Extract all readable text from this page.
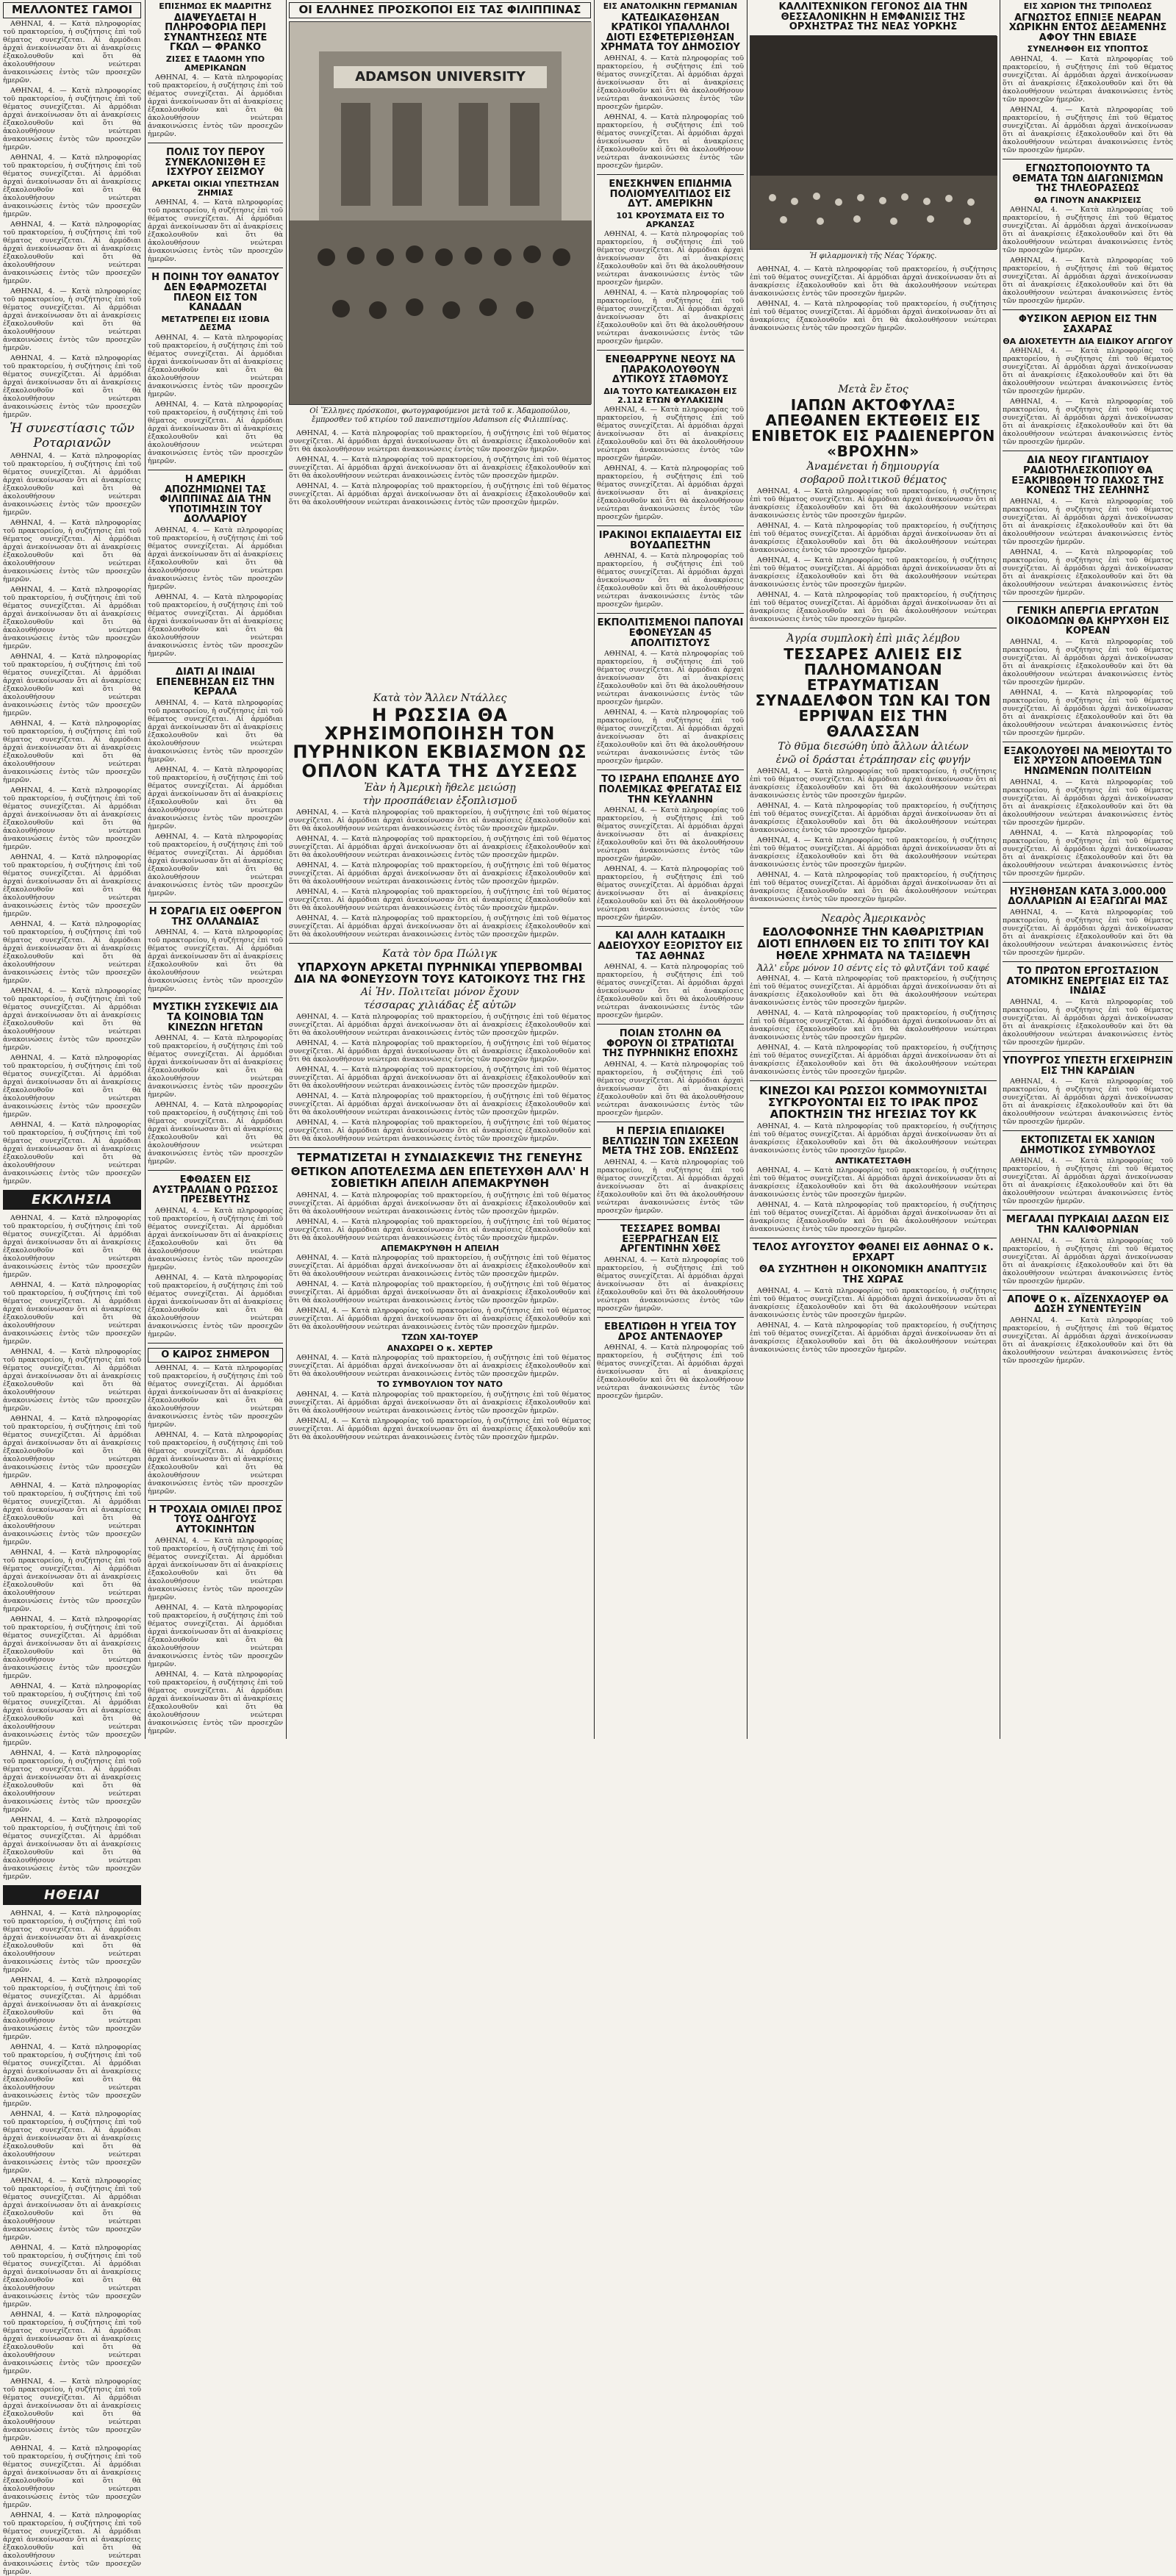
ΜΕΛΛΟΝΤΕΣ ΓΑΜΟΙ

ΑΘΗΝΑΙ, 4. — Κατὰ πληροφορίας τοῦ πρακτορείου, ἡ συζήτησις ἐπὶ τοῦ θέματος συνεχίζεται. Αἱ ἁρμόδιαι ἀρχαὶ ἀνεκοίνωσαν ὅτι αἱ ἀνακρίσεις ἐξακολουθοῦν καὶ ὅτι θὰ ἀκολουθήσουν νεώτεραι ἀνακοινώσεις ἐντὸς τῶν προσεχῶν ἡμερῶν.

ΑΘΗΝΑΙ, 4. — Κατὰ πληροφορίας τοῦ πρακτορείου, ἡ συζήτησις ἐπὶ τοῦ θέματος συνεχίζεται. Αἱ ἁρμόδιαι ἀρχαὶ ἀνεκοίνωσαν ὅτι αἱ ἀνακρίσεις ἐξακολουθοῦν καὶ ὅτι θὰ ἀκολουθήσουν νεώτεραι ἀνακοινώσεις ἐντὸς τῶν προσεχῶν ἡμερῶν.

ΑΘΗΝΑΙ, 4. — Κατὰ πληροφορίας τοῦ πρακτορείου, ἡ συζήτησις ἐπὶ τοῦ θέματος συνεχίζεται. Αἱ ἁρμόδιαι ἀρχαὶ ἀνεκοίνωσαν ὅτι αἱ ἀνακρίσεις ἐξακολουθοῦν καὶ ὅτι θὰ ἀκολουθήσουν νεώτεραι ἀνακοινώσεις ἐντὸς τῶν προσεχῶν ἡμερῶν.

ΑΘΗΝΑΙ, 4. — Κατὰ πληροφορίας τοῦ πρακτορείου, ἡ συζήτησις ἐπὶ τοῦ θέματος συνεχίζεται. Αἱ ἁρμόδιαι ἀρχαὶ ἀνεκοίνωσαν ὅτι αἱ ἀνακρίσεις ἐξακολουθοῦν καὶ ὅτι θὰ ἀκολουθήσουν νεώτεραι ἀνακοινώσεις ἐντὸς τῶν προσεχῶν ἡμερῶν.

ΑΘΗΝΑΙ, 4. — Κατὰ πληροφορίας τοῦ πρακτορείου, ἡ συζήτησις ἐπὶ τοῦ θέματος συνεχίζεται. Αἱ ἁρμόδιαι ἀρχαὶ ἀνεκοίνωσαν ὅτι αἱ ἀνακρίσεις ἐξακολουθοῦν καὶ ὅτι θὰ ἀκολουθήσουν νεώτεραι ἀνακοινώσεις ἐντὸς τῶν προσεχῶν ἡμερῶν.

ΑΘΗΝΑΙ, 4. — Κατὰ πληροφορίας τοῦ πρακτορείου, ἡ συζήτησις ἐπὶ τοῦ θέματος συνεχίζεται. Αἱ ἁρμόδιαι ἀρχαὶ ἀνεκοίνωσαν ὅτι αἱ ἀνακρίσεις ἐξακολουθοῦν καὶ ὅτι θὰ ἀκολουθήσουν νεώτεραι ἀνακοινώσεις ἐντὸς τῶν προσεχῶν ἡμερῶν.

Ἡ συνεστίασις τῶν Ροταριανῶν

ΑΘΗΝΑΙ, 4. — Κατὰ πληροφορίας τοῦ πρακτορείου, ἡ συζήτησις ἐπὶ τοῦ θέματος συνεχίζεται. Αἱ ἁρμόδιαι ἀρχαὶ ἀνεκοίνωσαν ὅτι αἱ ἀνακρίσεις ἐξακολουθοῦν καὶ ὅτι θὰ ἀκολουθήσουν νεώτεραι ἀνακοινώσεις ἐντὸς τῶν προσεχῶν ἡμερῶν.

ΑΘΗΝΑΙ, 4. — Κατὰ πληροφορίας τοῦ πρακτορείου, ἡ συζήτησις ἐπὶ τοῦ θέματος συνεχίζεται. Αἱ ἁρμόδιαι ἀρχαὶ ἀνεκοίνωσαν ὅτι αἱ ἀνακρίσεις ἐξακολουθοῦν καὶ ὅτι θὰ ἀκολουθήσουν νεώτεραι ἀνακοινώσεις ἐντὸς τῶν προσεχῶν ἡμερῶν.

ΑΘΗΝΑΙ, 4. — Κατὰ πληροφορίας τοῦ πρακτορείου, ἡ συζήτησις ἐπὶ τοῦ θέματος συνεχίζεται. Αἱ ἁρμόδιαι ἀρχαὶ ἀνεκοίνωσαν ὅτι αἱ ἀνακρίσεις ἐξακολουθοῦν καὶ ὅτι θὰ ἀκολουθήσουν νεώτεραι ἀνακοινώσεις ἐντὸς τῶν προσεχῶν ἡμερῶν.

ΑΘΗΝΑΙ, 4. — Κατὰ πληροφορίας τοῦ πρακτορείου, ἡ συζήτησις ἐπὶ τοῦ θέματος συνεχίζεται. Αἱ ἁρμόδιαι ἀρχαὶ ἀνεκοίνωσαν ὅτι αἱ ἀνακρίσεις ἐξακολουθοῦν καὶ ὅτι θὰ ἀκολουθήσουν νεώτεραι ἀνακοινώσεις ἐντὸς τῶν προσεχῶν ἡμερῶν.

ΑΘΗΝΑΙ, 4. — Κατὰ πληροφορίας τοῦ πρακτορείου, ἡ συζήτησις ἐπὶ τοῦ θέματος συνεχίζεται. Αἱ ἁρμόδιαι ἀρχαὶ ἀνεκοίνωσαν ὅτι αἱ ἀνακρίσεις ἐξακολουθοῦν καὶ ὅτι θὰ ἀκολουθήσουν νεώτεραι ἀνακοινώσεις ἐντὸς τῶν προσεχῶν ἡμερῶν.

ΑΘΗΝΑΙ, 4. — Κατὰ πληροφορίας τοῦ πρακτορείου, ἡ συζήτησις ἐπὶ τοῦ θέματος συνεχίζεται. Αἱ ἁρμόδιαι ἀρχαὶ ἀνεκοίνωσαν ὅτι αἱ ἀνακρίσεις ἐξακολουθοῦν καὶ ὅτι θὰ ἀκολουθήσουν νεώτεραι ἀνακοινώσεις ἐντὸς τῶν προσεχῶν ἡμερῶν.

ΑΘΗΝΑΙ, 4. — Κατὰ πληροφορίας τοῦ πρακτορείου, ἡ συζήτησις ἐπὶ τοῦ θέματος συνεχίζεται. Αἱ ἁρμόδιαι ἀρχαὶ ἀνεκοίνωσαν ὅτι αἱ ἀνακρίσεις ἐξακολουθοῦν καὶ ὅτι θὰ ἀκολουθήσουν νεώτεραι ἀνακοινώσεις ἐντὸς τῶν προσεχῶν ἡμερῶν.

ΑΘΗΝΑΙ, 4. — Κατὰ πληροφορίας τοῦ πρακτορείου, ἡ συζήτησις ἐπὶ τοῦ θέματος συνεχίζεται. Αἱ ἁρμόδιαι ἀρχαὶ ἀνεκοίνωσαν ὅτι αἱ ἀνακρίσεις ἐξακολουθοῦν καὶ ὅτι θὰ ἀκολουθήσουν νεώτεραι ἀνακοινώσεις ἐντὸς τῶν προσεχῶν ἡμερῶν.

ΑΘΗΝΑΙ, 4. — Κατὰ πληροφορίας τοῦ πρακτορείου, ἡ συζήτησις ἐπὶ τοῦ θέματος συνεχίζεται. Αἱ ἁρμόδιαι ἀρχαὶ ἀνεκοίνωσαν ὅτι αἱ ἀνακρίσεις ἐξακολουθοῦν καὶ ὅτι θὰ ἀκολουθήσουν νεώτεραι ἀνακοινώσεις ἐντὸς τῶν προσεχῶν ἡμερῶν.

ΑΘΗΝΑΙ, 4. — Κατὰ πληροφορίας τοῦ πρακτορείου, ἡ συζήτησις ἐπὶ τοῦ θέματος συνεχίζεται. Αἱ ἁρμόδιαι ἀρχαὶ ἀνεκοίνωσαν ὅτι αἱ ἀνακρίσεις ἐξακολουθοῦν καὶ ὅτι θὰ ἀκολουθήσουν νεώτεραι ἀνακοινώσεις ἐντὸς τῶν προσεχῶν ἡμερῶν.

ΑΘΗΝΑΙ, 4. — Κατὰ πληροφορίας τοῦ πρακτορείου, ἡ συζήτησις ἐπὶ τοῦ θέματος συνεχίζεται. Αἱ ἁρμόδιαι ἀρχαὶ ἀνεκοίνωσαν ὅτι αἱ ἀνακρίσεις ἐξακολουθοῦν καὶ ὅτι θὰ ἀκολουθήσουν νεώτεραι ἀνακοινώσεις ἐντὸς τῶν προσεχῶν ἡμερῶν.

ΕΚΚΛΗΣΙΑ

ΑΘΗΝΑΙ, 4. — Κατὰ πληροφορίας τοῦ πρακτορείου, ἡ συζήτησις ἐπὶ τοῦ θέματος συνεχίζεται. Αἱ ἁρμόδιαι ἀρχαὶ ἀνεκοίνωσαν ὅτι αἱ ἀνακρίσεις ἐξακολουθοῦν καὶ ὅτι θὰ ἀκολουθήσουν νεώτεραι ἀνακοινώσεις ἐντὸς τῶν προσεχῶν ἡμερῶν.

ΑΘΗΝΑΙ, 4. — Κατὰ πληροφορίας τοῦ πρακτορείου, ἡ συζήτησις ἐπὶ τοῦ θέματος συνεχίζεται. Αἱ ἁρμόδιαι ἀρχαὶ ἀνεκοίνωσαν ὅτι αἱ ἀνακρίσεις ἐξακολουθοῦν καὶ ὅτι θὰ ἀκολουθήσουν νεώτεραι ἀνακοινώσεις ἐντὸς τῶν προσεχῶν ἡμερῶν.

ΑΘΗΝΑΙ, 4. — Κατὰ πληροφορίας τοῦ πρακτορείου, ἡ συζήτησις ἐπὶ τοῦ θέματος συνεχίζεται. Αἱ ἁρμόδιαι ἀρχαὶ ἀνεκοίνωσαν ὅτι αἱ ἀνακρίσεις ἐξακολουθοῦν καὶ ὅτι θὰ ἀκολουθήσουν νεώτεραι ἀνακοινώσεις ἐντὸς τῶν προσεχῶν ἡμερῶν.

ΑΘΗΝΑΙ, 4. — Κατὰ πληροφορίας τοῦ πρακτορείου, ἡ συζήτησις ἐπὶ τοῦ θέματος συνεχίζεται. Αἱ ἁρμόδιαι ἀρχαὶ ἀνεκοίνωσαν ὅτι αἱ ἀνακρίσεις ἐξακολουθοῦν καὶ ὅτι θὰ ἀκολουθήσουν νεώτεραι ἀνακοινώσεις ἐντὸς τῶν προσεχῶν ἡμερῶν.

ΑΘΗΝΑΙ, 4. — Κατὰ πληροφορίας τοῦ πρακτορείου, ἡ συζήτησις ἐπὶ τοῦ θέματος συνεχίζεται. Αἱ ἁρμόδιαι ἀρχαὶ ἀνεκοίνωσαν ὅτι αἱ ἀνακρίσεις ἐξακολουθοῦν καὶ ὅτι θὰ ἀκολουθήσουν νεώτεραι ἀνακοινώσεις ἐντὸς τῶν προσεχῶν ἡμερῶν.

ΑΘΗΝΑΙ, 4. — Κατὰ πληροφορίας τοῦ πρακτορείου, ἡ συζήτησις ἐπὶ τοῦ θέματος συνεχίζεται. Αἱ ἁρμόδιαι ἀρχαὶ ἀνεκοίνωσαν ὅτι αἱ ἀνακρίσεις ἐξακολουθοῦν καὶ ὅτι θὰ ἀκολουθήσουν νεώτεραι ἀνακοινώσεις ἐντὸς τῶν προσεχῶν ἡμερῶν.

ΑΘΗΝΑΙ, 4. — Κατὰ πληροφορίας τοῦ πρακτορείου, ἡ συζήτησις ἐπὶ τοῦ θέματος συνεχίζεται. Αἱ ἁρμόδιαι ἀρχαὶ ἀνεκοίνωσαν ὅτι αἱ ἀνακρίσεις ἐξακολουθοῦν καὶ ὅτι θὰ ἀκολουθήσουν νεώτεραι ἀνακοινώσεις ἐντὸς τῶν προσεχῶν ἡμερῶν.

ΑΘΗΝΑΙ, 4. — Κατὰ πληροφορίας τοῦ πρακτορείου, ἡ συζήτησις ἐπὶ τοῦ θέματος συνεχίζεται. Αἱ ἁρμόδιαι ἀρχαὶ ἀνεκοίνωσαν ὅτι αἱ ἀνακρίσεις ἐξακολουθοῦν καὶ ὅτι θὰ ἀκολουθήσουν νεώτεραι ἀνακοινώσεις ἐντὸς τῶν προσεχῶν ἡμερῶν.

ΑΘΗΝΑΙ, 4. — Κατὰ πληροφορίας τοῦ πρακτορείου, ἡ συζήτησις ἐπὶ τοῦ θέματος συνεχίζεται. Αἱ ἁρμόδιαι ἀρχαὶ ἀνεκοίνωσαν ὅτι αἱ ἀνακρίσεις ἐξακολουθοῦν καὶ ὅτι θὰ ἀκολουθήσουν νεώτεραι ἀνακοινώσεις ἐντὸς τῶν προσεχῶν ἡμερῶν.

ΑΘΗΝΑΙ, 4. — Κατὰ πληροφορίας τοῦ πρακτορείου, ἡ συζήτησις ἐπὶ τοῦ θέματος συνεχίζεται. Αἱ ἁρμόδιαι ἀρχαὶ ἀνεκοίνωσαν ὅτι αἱ ἀνακρίσεις ἐξακολουθοῦν καὶ ὅτι θὰ ἀκολουθήσουν νεώτεραι ἀνακοινώσεις ἐντὸς τῶν προσεχῶν ἡμερῶν.

ΗΘΕΙΑΙ

ΑΘΗΝΑΙ, 4. — Κατὰ πληροφορίας τοῦ πρακτορείου, ἡ συζήτησις ἐπὶ τοῦ θέματος συνεχίζεται. Αἱ ἁρμόδιαι ἀρχαὶ ἀνεκοίνωσαν ὅτι αἱ ἀνακρίσεις ἐξακολουθοῦν καὶ ὅτι θὰ ἀκολουθήσουν νεώτεραι ἀνακοινώσεις ἐντὸς τῶν προσεχῶν ἡμερῶν.

ΑΘΗΝΑΙ, 4. — Κατὰ πληροφορίας τοῦ πρακτορείου, ἡ συζήτησις ἐπὶ τοῦ θέματος συνεχίζεται. Αἱ ἁρμόδιαι ἀρχαὶ ἀνεκοίνωσαν ὅτι αἱ ἀνακρίσεις ἐξακολουθοῦν καὶ ὅτι θὰ ἀκολουθήσουν νεώτεραι ἀνακοινώσεις ἐντὸς τῶν προσεχῶν ἡμερῶν.

ΑΘΗΝΑΙ, 4. — Κατὰ πληροφορίας τοῦ πρακτορείου, ἡ συζήτησις ἐπὶ τοῦ θέματος συνεχίζεται. Αἱ ἁρμόδιαι ἀρχαὶ ἀνεκοίνωσαν ὅτι αἱ ἀνακρίσεις ἐξακολουθοῦν καὶ ὅτι θὰ ἀκολουθήσουν νεώτεραι ἀνακοινώσεις ἐντὸς τῶν προσεχῶν ἡμερῶν.

ΑΘΗΝΑΙ, 4. — Κατὰ πληροφορίας τοῦ πρακτορείου, ἡ συζήτησις ἐπὶ τοῦ θέματος συνεχίζεται. Αἱ ἁρμόδιαι ἀρχαὶ ἀνεκοίνωσαν ὅτι αἱ ἀνακρίσεις ἐξακολουθοῦν καὶ ὅτι θὰ ἀκολουθήσουν νεώτεραι ἀνακοινώσεις ἐντὸς τῶν προσεχῶν ἡμερῶν.

ΑΘΗΝΑΙ, 4. — Κατὰ πληροφορίας τοῦ πρακτορείου, ἡ συζήτησις ἐπὶ τοῦ θέματος συνεχίζεται. Αἱ ἁρμόδιαι ἀρχαὶ ἀνεκοίνωσαν ὅτι αἱ ἀνακρίσεις ἐξακολουθοῦν καὶ ὅτι θὰ ἀκολουθήσουν νεώτεραι ἀνακοινώσεις ἐντὸς τῶν προσεχῶν ἡμερῶν.

ΑΘΗΝΑΙ, 4. — Κατὰ πληροφορίας τοῦ πρακτορείου, ἡ συζήτησις ἐπὶ τοῦ θέματος συνεχίζεται. Αἱ ἁρμόδιαι ἀρχαὶ ἀνεκοίνωσαν ὅτι αἱ ἀνακρίσεις ἐξακολουθοῦν καὶ ὅτι θὰ ἀκολουθήσουν νεώτεραι ἀνακοινώσεις ἐντὸς τῶν προσεχῶν ἡμερῶν.

ΑΘΗΝΑΙ, 4. — Κατὰ πληροφορίας τοῦ πρακτορείου, ἡ συζήτησις ἐπὶ τοῦ θέματος συνεχίζεται. Αἱ ἁρμόδιαι ἀρχαὶ ἀνεκοίνωσαν ὅτι αἱ ἀνακρίσεις ἐξακολουθοῦν καὶ ὅτι θὰ ἀκολουθήσουν νεώτεραι ἀνακοινώσεις ἐντὸς τῶν προσεχῶν ἡμερῶν.

ΑΘΗΝΑΙ, 4. — Κατὰ πληροφορίας τοῦ πρακτορείου, ἡ συζήτησις ἐπὶ τοῦ θέματος συνεχίζεται. Αἱ ἁρμόδιαι ἀρχαὶ ἀνεκοίνωσαν ὅτι αἱ ἀνακρίσεις ἐξακολουθοῦν καὶ ὅτι θὰ ἀκολουθήσουν νεώτεραι ἀνακοινώσεις ἐντὸς τῶν προσεχῶν ἡμερῶν.

ΑΘΗΝΑΙ, 4. — Κατὰ πληροφορίας τοῦ πρακτορείου, ἡ συζήτησις ἐπὶ τοῦ θέματος συνεχίζεται. Αἱ ἁρμόδιαι ἀρχαὶ ἀνεκοίνωσαν ὅτι αἱ ἀνακρίσεις ἐξακολουθοῦν καὶ ὅτι θὰ ἀκολουθήσουν νεώτεραι ἀνακοινώσεις ἐντὸς τῶν προσεχῶν ἡμερῶν.

ΑΘΗΝΑΙ, 4. — Κατὰ πληροφορίας τοῦ πρακτορείου, ἡ συζήτησις ἐπὶ τοῦ θέματος συνεχίζεται. Αἱ ἁρμόδιαι ἀρχαὶ ἀνεκοίνωσαν ὅτι αἱ ἀνακρίσεις ἐξακολουθοῦν καὶ ὅτι θὰ ἀκολουθήσουν νεώτεραι ἀνακοινώσεις ἐντὸς τῶν προσεχῶν ἡμερῶν.

ΕΠΙΣΗΜΩΣ ΕΚ ΜΑΔΡΙΤΗΣ
ΔΙΑΨΕΥΔΕΤΑΙ Η ΠΛΗΡΟΦΟΡΙΑ ΠΕΡΙ ΣΥΝΑΝΤΗΣΕΩΣ ΝΤΕ ΓΚΩΛ — ΦΡΑΝΚΟ
ΖΙΣΕΣ Ε ΤΑΔΟΜΗ ΥΠΟ ΑΜΕΡΙΚΑΝΩΝ

ΑΘΗΝΑΙ, 4. — Κατὰ πληροφορίας τοῦ πρακτορείου, ἡ συζήτησις ἐπὶ τοῦ θέματος συνεχίζεται. Αἱ ἁρμόδιαι ἀρχαὶ ἀνεκοίνωσαν ὅτι αἱ ἀνακρίσεις ἐξακολουθοῦν καὶ ὅτι θὰ ἀκολουθήσουν νεώτεραι ἀνακοινώσεις ἐντὸς τῶν προσεχῶν ἡμερῶν.

ΠΟΛΙΣ ΤΟΥ ΠΕΡΟΥ ΣΥΝΕΚΛΟΝΙΣΘΗ ΕΞ ΙΣΧΥΡΟΥ ΣΕΙΣΜΟΥ
ΑΡΚΕΤΑΙ ΟΙΚΙΑΙ ΥΠΕΣΤΗΣΑΝ ΖΗΜΙΑΣ

ΑΘΗΝΑΙ, 4. — Κατὰ πληροφορίας τοῦ πρακτορείου, ἡ συζήτησις ἐπὶ τοῦ θέματος συνεχίζεται. Αἱ ἁρμόδιαι ἀρχαὶ ἀνεκοίνωσαν ὅτι αἱ ἀνακρίσεις ἐξακολουθοῦν καὶ ὅτι θὰ ἀκολουθήσουν νεώτεραι ἀνακοινώσεις ἐντὸς τῶν προσεχῶν ἡμερῶν.

Η ΠΟΙΝΗ ΤΟΥ ΘΑΝΑΤΟΥ ΔΕΝ ΕΦΑΡΜΟΖΕΤΑΙ ΠΛΕΟΝ ΕΙΣ ΤΟΝ ΚΑΝΑΔΑΝ
ΜΕΤΑΤΡΕΠΕΙ ΕΙΣ ΙΣΟΒΙΑ ΔΕΣΜΑ

ΑΘΗΝΑΙ, 4. — Κατὰ πληροφορίας τοῦ πρακτορείου, ἡ συζήτησις ἐπὶ τοῦ θέματος συνεχίζεται. Αἱ ἁρμόδιαι ἀρχαὶ ἀνεκοίνωσαν ὅτι αἱ ἀνακρίσεις ἐξακολουθοῦν καὶ ὅτι θὰ ἀκολουθήσουν νεώτεραι ἀνακοινώσεις ἐντὸς τῶν προσεχῶν ἡμερῶν.

ΑΘΗΝΑΙ, 4. — Κατὰ πληροφορίας τοῦ πρακτορείου, ἡ συζήτησις ἐπὶ τοῦ θέματος συνεχίζεται. Αἱ ἁρμόδιαι ἀρχαὶ ἀνεκοίνωσαν ὅτι αἱ ἀνακρίσεις ἐξακολουθοῦν καὶ ὅτι θὰ ἀκολουθήσουν νεώτεραι ἀνακοινώσεις ἐντὸς τῶν προσεχῶν ἡμερῶν.

Η ΑΜΕΡΙΚΗ ΑΠΟΖΗΜΙΩΝΕΙ ΤΑΣ ΦΙΛΙΠΠΙΝΑΣ ΔΙΑ ΤΗΝ ΥΠΟΤΙΜΗΣΙΝ ΤΟΥ ΔΟΛΛΑΡΙΟΥ

ΑΘΗΝΑΙ, 4. — Κατὰ πληροφορίας τοῦ πρακτορείου, ἡ συζήτησις ἐπὶ τοῦ θέματος συνεχίζεται. Αἱ ἁρμόδιαι ἀρχαὶ ἀνεκοίνωσαν ὅτι αἱ ἀνακρίσεις ἐξακολουθοῦν καὶ ὅτι θὰ ἀκολουθήσουν νεώτεραι ἀνακοινώσεις ἐντὸς τῶν προσεχῶν ἡμερῶν.

ΑΘΗΝΑΙ, 4. — Κατὰ πληροφορίας τοῦ πρακτορείου, ἡ συζήτησις ἐπὶ τοῦ θέματος συνεχίζεται. Αἱ ἁρμόδιαι ἀρχαὶ ἀνεκοίνωσαν ὅτι αἱ ἀνακρίσεις ἐξακολουθοῦν καὶ ὅτι θὰ ἀκολουθήσουν νεώτεραι ἀνακοινώσεις ἐντὸς τῶν προσεχῶν ἡμερῶν.

ΔΙΑΤΙ ΑΙ ΙΝΔΙΑΙ ΕΠΕΝΕΒΗΣΑΝ ΕΙΣ ΤΗΝ ΚΕΡΑΛΑ

ΑΘΗΝΑΙ, 4. — Κατὰ πληροφορίας τοῦ πρακτορείου, ἡ συζήτησις ἐπὶ τοῦ θέματος συνεχίζεται. Αἱ ἁρμόδιαι ἀρχαὶ ἀνεκοίνωσαν ὅτι αἱ ἀνακρίσεις ἐξακολουθοῦν καὶ ὅτι θὰ ἀκολουθήσουν νεώτεραι ἀνακοινώσεις ἐντὸς τῶν προσεχῶν ἡμερῶν.

ΑΘΗΝΑΙ, 4. — Κατὰ πληροφορίας τοῦ πρακτορείου, ἡ συζήτησις ἐπὶ τοῦ θέματος συνεχίζεται. Αἱ ἁρμόδιαι ἀρχαὶ ἀνεκοίνωσαν ὅτι αἱ ἀνακρίσεις ἐξακολουθοῦν καὶ ὅτι θὰ ἀκολουθήσουν νεώτεραι ἀνακοινώσεις ἐντὸς τῶν προσεχῶν ἡμερῶν.

ΑΘΗΝΑΙ, 4. — Κατὰ πληροφορίας τοῦ πρακτορείου, ἡ συζήτησις ἐπὶ τοῦ θέματος συνεχίζεται. Αἱ ἁρμόδιαι ἀρχαὶ ἀνεκοίνωσαν ὅτι αἱ ἀνακρίσεις ἐξακολουθοῦν καὶ ὅτι θὰ ἀκολουθήσουν νεώτεραι ἀνακοινώσεις ἐντὸς τῶν προσεχῶν ἡμερῶν.

Η ΣΟΡΑΓΙΑ ΕΙΣ ΟΦΕΡΓΟΝ ΤΗΣ ΟΛΛΑΝΔΙΑΣ

ΑΘΗΝΑΙ, 4. — Κατὰ πληροφορίας τοῦ πρακτορείου, ἡ συζήτησις ἐπὶ τοῦ θέματος συνεχίζεται. Αἱ ἁρμόδιαι ἀρχαὶ ἀνεκοίνωσαν ὅτι αἱ ἀνακρίσεις ἐξακολουθοῦν καὶ ὅτι θὰ ἀκολουθήσουν νεώτεραι ἀνακοινώσεις ἐντὸς τῶν προσεχῶν ἡμερῶν.

ΜΥΣΤΙΚΗ ΣΥΣΚΕΨΙΣ ΔΙΑ ΤΑ ΚΟΙΝΟΒΙΑ ΤΩΝ ΚΙΝΕΖΩΝ ΗΓΕΤΩΝ

ΑΘΗΝΑΙ, 4. — Κατὰ πληροφορίας τοῦ πρακτορείου, ἡ συζήτησις ἐπὶ τοῦ θέματος συνεχίζεται. Αἱ ἁρμόδιαι ἀρχαὶ ἀνεκοίνωσαν ὅτι αἱ ἀνακρίσεις ἐξακολουθοῦν καὶ ὅτι θὰ ἀκολουθήσουν νεώτεραι ἀνακοινώσεις ἐντὸς τῶν προσεχῶν ἡμερῶν.

ΑΘΗΝΑΙ, 4. — Κατὰ πληροφορίας τοῦ πρακτορείου, ἡ συζήτησις ἐπὶ τοῦ θέματος συνεχίζεται. Αἱ ἁρμόδιαι ἀρχαὶ ἀνεκοίνωσαν ὅτι αἱ ἀνακρίσεις ἐξακολουθοῦν καὶ ὅτι θὰ ἀκολουθήσουν νεώτεραι ἀνακοινώσεις ἐντὸς τῶν προσεχῶν ἡμερῶν.

ΕΦΘΑΣΕΝ ΕΙΣ ΑΥΣΤΡΑΛΙΑΝ Ο ΡΩΣΣΟΣ ΠΡΕΣΒΕΥΤΗΣ

ΑΘΗΝΑΙ, 4. — Κατὰ πληροφορίας τοῦ πρακτορείου, ἡ συζήτησις ἐπὶ τοῦ θέματος συνεχίζεται. Αἱ ἁρμόδιαι ἀρχαὶ ἀνεκοίνωσαν ὅτι αἱ ἀνακρίσεις ἐξακολουθοῦν καὶ ὅτι θὰ ἀκολουθήσουν νεώτεραι ἀνακοινώσεις ἐντὸς τῶν προσεχῶν ἡμερῶν.

ΑΘΗΝΑΙ, 4. — Κατὰ πληροφορίας τοῦ πρακτορείου, ἡ συζήτησις ἐπὶ τοῦ θέματος συνεχίζεται. Αἱ ἁρμόδιαι ἀρχαὶ ἀνεκοίνωσαν ὅτι αἱ ἀνακρίσεις ἐξακολουθοῦν καὶ ὅτι θὰ ἀκολουθήσουν νεώτεραι ἀνακοινώσεις ἐντὸς τῶν προσεχῶν ἡμερῶν.

Ο ΚΑΙΡΟΣ ΣΗΜΕΡΟΝ

ΑΘΗΝΑΙ, 4. — Κατὰ πληροφορίας τοῦ πρακτορείου, ἡ συζήτησις ἐπὶ τοῦ θέματος συνεχίζεται. Αἱ ἁρμόδιαι ἀρχαὶ ἀνεκοίνωσαν ὅτι αἱ ἀνακρίσεις ἐξακολουθοῦν καὶ ὅτι θὰ ἀκολουθήσουν νεώτεραι ἀνακοινώσεις ἐντὸς τῶν προσεχῶν ἡμερῶν.

ΑΘΗΝΑΙ, 4. — Κατὰ πληροφορίας τοῦ πρακτορείου, ἡ συζήτησις ἐπὶ τοῦ θέματος συνεχίζεται. Αἱ ἁρμόδιαι ἀρχαὶ ἀνεκοίνωσαν ὅτι αἱ ἀνακρίσεις ἐξακολουθοῦν καὶ ὅτι θὰ ἀκολουθήσουν νεώτεραι ἀνακοινώσεις ἐντὸς τῶν προσεχῶν ἡμερῶν.

Η ΤΡΟΧΑΙΑ ΟΜΙΛΕΙ ΠΡΟΣ ΤΟΥΣ ΟΔΗΓΟΥΣ ΑΥΤΟΚΙΝΗΤΩΝ

ΑΘΗΝΑΙ, 4. — Κατὰ πληροφορίας τοῦ πρακτορείου, ἡ συζήτησις ἐπὶ τοῦ θέματος συνεχίζεται. Αἱ ἁρμόδιαι ἀρχαὶ ἀνεκοίνωσαν ὅτι αἱ ἀνακρίσεις ἐξακολουθοῦν καὶ ὅτι θὰ ἀκολουθήσουν νεώτεραι ἀνακοινώσεις ἐντὸς τῶν προσεχῶν ἡμερῶν.

ΑΘΗΝΑΙ, 4. — Κατὰ πληροφορίας τοῦ πρακτορείου, ἡ συζήτησις ἐπὶ τοῦ θέματος συνεχίζεται. Αἱ ἁρμόδιαι ἀρχαὶ ἀνεκοίνωσαν ὅτι αἱ ἀνακρίσεις ἐξακολουθοῦν καὶ ὅτι θὰ ἀκολουθήσουν νεώτεραι ἀνακοινώσεις ἐντὸς τῶν προσεχῶν ἡμερῶν.

ΑΘΗΝΑΙ, 4. — Κατὰ πληροφορίας τοῦ πρακτορείου, ἡ συζήτησις ἐπὶ τοῦ θέματος συνεχίζεται. Αἱ ἁρμόδιαι ἀρχαὶ ἀνεκοίνωσαν ὅτι αἱ ἀνακρίσεις ἐξακολουθοῦν καὶ ὅτι θὰ ἀκολουθήσουν νεώτεραι ἀνακοινώσεις ἐντὸς τῶν προσεχῶν ἡμερῶν.

ΟΙ ΕΛΛΗΝΕΣ ΠΡΟΣΚΟΠΟΙ ΕΙΣ ΤΑΣ ΦΙΛΙΠΠΙΝΑΣ
ADAMSON UNIVERSITY
Οἱ Ἕλληνες πρόσκοποι, φωτογραφούμενοι μετὰ τοῦ κ. Ἀδαμοπούλου, ἔμπροσθεν τοῦ κτιρίου τοῦ πανεπιστημίου Adamson εἰς Φιλιππίνας.

ΑΘΗΝΑΙ, 4. — Κατὰ πληροφορίας τοῦ πρακτορείου, ἡ συζήτησις ἐπὶ τοῦ θέματος συνεχίζεται. Αἱ ἁρμόδιαι ἀρχαὶ ἀνεκοίνωσαν ὅτι αἱ ἀνακρίσεις ἐξακολουθοῦν καὶ ὅτι θὰ ἀκολουθήσουν νεώτεραι ἀνακοινώσεις ἐντὸς τῶν προσεχῶν ἡμερῶν.

ΑΘΗΝΑΙ, 4. — Κατὰ πληροφορίας τοῦ πρακτορείου, ἡ συζήτησις ἐπὶ τοῦ θέματος συνεχίζεται. Αἱ ἁρμόδιαι ἀρχαὶ ἀνεκοίνωσαν ὅτι αἱ ἀνακρίσεις ἐξακολουθοῦν καὶ ὅτι θὰ ἀκολουθήσουν νεώτεραι ἀνακοινώσεις ἐντὸς τῶν προσεχῶν ἡμερῶν.

ΑΘΗΝΑΙ, 4. — Κατὰ πληροφορίας τοῦ πρακτορείου, ἡ συζήτησις ἐπὶ τοῦ θέματος συνεχίζεται. Αἱ ἁρμόδιαι ἀρχαὶ ἀνεκοίνωσαν ὅτι αἱ ἀνακρίσεις ἐξακολουθοῦν καὶ ὅτι θὰ ἀκολουθήσουν νεώτεραι ἀνακοινώσεις ἐντὸς τῶν προσεχῶν ἡμερῶν.

ΕΙΣ ΑΝΑΤΟΛΙΚΗΝ ΓΕΡΜΑΝΙΑΝ
ΚΑΤΕΔΙΚΑΣΘΗΣΑΝ ΚΡΑΤΙΚΟΙ ΥΠΑΛΛΗΛΟΙ ΔΙΟΤΙ ΕΣΦΕΤΕΡΙΣΘΗΣΑΝ ΧΡΗΜΑΤΑ ΤΟΥ ΔΗΜΟΣΙΟΥ

ΑΘΗΝΑΙ, 4. — Κατὰ πληροφορίας τοῦ πρακτορείου, ἡ συζήτησις ἐπὶ τοῦ θέματος συνεχίζεται. Αἱ ἁρμόδιαι ἀρχαὶ ἀνεκοίνωσαν ὅτι αἱ ἀνακρίσεις ἐξακολουθοῦν καὶ ὅτι θὰ ἀκολουθήσουν νεώτεραι ἀνακοινώσεις ἐντὸς τῶν προσεχῶν ἡμερῶν.

ΑΘΗΝΑΙ, 4. — Κατὰ πληροφορίας τοῦ πρακτορείου, ἡ συζήτησις ἐπὶ τοῦ θέματος συνεχίζεται. Αἱ ἁρμόδιαι ἀρχαὶ ἀνεκοίνωσαν ὅτι αἱ ἀνακρίσεις ἐξακολουθοῦν καὶ ὅτι θὰ ἀκολουθήσουν νεώτεραι ἀνακοινώσεις ἐντὸς τῶν προσεχῶν ἡμερῶν.

ΕΝΕΣΚΗΨΕΝ ΕΠΙΔΗΜΙΑ ΠΟΛΙΟΜΥΕΛΙΤΙΔΟΣ ΕΙΣ ΔΥΤ. ΑΜΕΡΙΚΗΝ
101 ΚΡΟΥΣΜΑΤΑ ΕΙΣ ΤΟ ΑΡΚΑΝΣΑΣ

ΑΘΗΝΑΙ, 4. — Κατὰ πληροφορίας τοῦ πρακτορείου, ἡ συζήτησις ἐπὶ τοῦ θέματος συνεχίζεται. Αἱ ἁρμόδιαι ἀρχαὶ ἀνεκοίνωσαν ὅτι αἱ ἀνακρίσεις ἐξακολουθοῦν καὶ ὅτι θὰ ἀκολουθήσουν νεώτεραι ἀνακοινώσεις ἐντὸς τῶν προσεχῶν ἡμερῶν.

ΑΘΗΝΑΙ, 4. — Κατὰ πληροφορίας τοῦ πρακτορείου, ἡ συζήτησις ἐπὶ τοῦ θέματος συνεχίζεται. Αἱ ἁρμόδιαι ἀρχαὶ ἀνεκοίνωσαν ὅτι αἱ ἀνακρίσεις ἐξακολουθοῦν καὶ ὅτι θὰ ἀκολουθήσουν νεώτεραι ἀνακοινώσεις ἐντὸς τῶν προσεχῶν ἡμερῶν.

ΕΝΕΘΑΡΡΥΝΕ ΝΕΟΥΣ ΝΑ ΠΑΡΑΚΟΛΟΥΘΟΥΝ ΔΥΤΙΚΟΥΣ ΣΤΑΘΜΟΥΣ
ΔΙΑ ΤΟΥΤΟ ΚΑΤΕΔΙΚΑΣΘΗ ΕΙΣ 2.112 ΕΤΩΝ ΦΥΛΑΚΙΣΙΝ

ΑΘΗΝΑΙ, 4. — Κατὰ πληροφορίας τοῦ πρακτορείου, ἡ συζήτησις ἐπὶ τοῦ θέματος συνεχίζεται. Αἱ ἁρμόδιαι ἀρχαὶ ἀνεκοίνωσαν ὅτι αἱ ἀνακρίσεις ἐξακολουθοῦν καὶ ὅτι θὰ ἀκολουθήσουν νεώτεραι ἀνακοινώσεις ἐντὸς τῶν προσεχῶν ἡμερῶν.

ΑΘΗΝΑΙ, 4. — Κατὰ πληροφορίας τοῦ πρακτορείου, ἡ συζήτησις ἐπὶ τοῦ θέματος συνεχίζεται. Αἱ ἁρμόδιαι ἀρχαὶ ἀνεκοίνωσαν ὅτι αἱ ἀνακρίσεις ἐξακολουθοῦν καὶ ὅτι θὰ ἀκολουθήσουν νεώτεραι ἀνακοινώσεις ἐντὸς τῶν προσεχῶν ἡμερῶν.

ΙΡΑΚΙΝΟΙ ΕΚΠΑΙΔΕΥΤΑΙ ΕΙΣ ΒΟΥΔΑΠΕΣΤΗΝ

ΑΘΗΝΑΙ, 4. — Κατὰ πληροφορίας τοῦ πρακτορείου, ἡ συζήτησις ἐπὶ τοῦ θέματος συνεχίζεται. Αἱ ἁρμόδιαι ἀρχαὶ ἀνεκοίνωσαν ὅτι αἱ ἀνακρίσεις ἐξακολουθοῦν καὶ ὅτι θὰ ἀκολουθήσουν νεώτεραι ἀνακοινώσεις ἐντὸς τῶν προσεχῶν ἡμερῶν.

ΕΚΠΟΛΙΤΙΣΜΕΝΟΙ ΠΑΠΟΥΑΙ ΕΦΟΝΕΥΣΑΝ 45 ΑΠΟΛΙΤΙΣΤΟΥΣ

ΑΘΗΝΑΙ, 4. — Κατὰ πληροφορίας τοῦ πρακτορείου, ἡ συζήτησις ἐπὶ τοῦ θέματος συνεχίζεται. Αἱ ἁρμόδιαι ἀρχαὶ ἀνεκοίνωσαν ὅτι αἱ ἀνακρίσεις ἐξακολουθοῦν καὶ ὅτι θὰ ἀκολουθήσουν νεώτεραι ἀνακοινώσεις ἐντὸς τῶν προσεχῶν ἡμερῶν.

ΑΘΗΝΑΙ, 4. — Κατὰ πληροφορίας τοῦ πρακτορείου, ἡ συζήτησις ἐπὶ τοῦ θέματος συνεχίζεται. Αἱ ἁρμόδιαι ἀρχαὶ ἀνεκοίνωσαν ὅτι αἱ ἀνακρίσεις ἐξακολουθοῦν καὶ ὅτι θὰ ἀκολουθήσουν νεώτεραι ἀνακοινώσεις ἐντὸς τῶν προσεχῶν ἡμερῶν.

ΤΟ ΙΣΡΑΗΛ ΕΠΩΛΗΣΕ ΔΥΟ ΠΟΛΕΜΙΚΑΣ ΦΡΕΓΑΤΑΣ ΕΙΣ ΤΗΝ ΚΕΫΛΑΝΗΝ

ΑΘΗΝΑΙ, 4. — Κατὰ πληροφορίας τοῦ πρακτορείου, ἡ συζήτησις ἐπὶ τοῦ θέματος συνεχίζεται. Αἱ ἁρμόδιαι ἀρχαὶ ἀνεκοίνωσαν ὅτι αἱ ἀνακρίσεις ἐξακολουθοῦν καὶ ὅτι θὰ ἀκολουθήσουν νεώτεραι ἀνακοινώσεις ἐντὸς τῶν προσεχῶν ἡμερῶν.

ΑΘΗΝΑΙ, 4. — Κατὰ πληροφορίας τοῦ πρακτορείου, ἡ συζήτησις ἐπὶ τοῦ θέματος συνεχίζεται. Αἱ ἁρμόδιαι ἀρχαὶ ἀνεκοίνωσαν ὅτι αἱ ἀνακρίσεις ἐξακολουθοῦν καὶ ὅτι θὰ ἀκολουθήσουν νεώτεραι ἀνακοινώσεις ἐντὸς τῶν προσεχῶν ἡμερῶν.

ΚΑΙ ΑΛΛΗ ΚΑΤΑΔΙΚΗ ΑΔΕΙΟΥΧΟΥ ΕΞΟΡΙΣΤΟΥ ΕΙΣ ΤΑΣ ΑΘΗΝΑΣ

ΑΘΗΝΑΙ, 4. — Κατὰ πληροφορίας τοῦ πρακτορείου, ἡ συζήτησις ἐπὶ τοῦ θέματος συνεχίζεται. Αἱ ἁρμόδιαι ἀρχαὶ ἀνεκοίνωσαν ὅτι αἱ ἀνακρίσεις ἐξακολουθοῦν καὶ ὅτι θὰ ἀκολουθήσουν νεώτεραι ἀνακοινώσεις ἐντὸς τῶν προσεχῶν ἡμερῶν.

ΠΟΙΑΝ ΣΤΟΛΗΝ ΘΑ ΦΟΡΟΥΝ ΟΙ ΣΤΡΑΤΙΩΤΑΙ ΤΗΣ ΠΥΡΗΝΙΚΗΣ ΕΠΟΧΗΣ

ΑΘΗΝΑΙ, 4. — Κατὰ πληροφορίας τοῦ πρακτορείου, ἡ συζήτησις ἐπὶ τοῦ θέματος συνεχίζεται. Αἱ ἁρμόδιαι ἀρχαὶ ἀνεκοίνωσαν ὅτι αἱ ἀνακρίσεις ἐξακολουθοῦν καὶ ὅτι θὰ ἀκολουθήσουν νεώτεραι ἀνακοινώσεις ἐντὸς τῶν προσεχῶν ἡμερῶν.

Η ΠΕΡΣΙΑ ΕΠΙΔΙΩΚΕΙ ΒΕΛΤΙΩΣΙΝ ΤΩΝ ΣΧΕΣΕΩΝ ΜΕΤΑ ΤΗΣ ΣΟΒ. ΕΝΩΣΕΩΣ

ΑΘΗΝΑΙ, 4. — Κατὰ πληροφορίας τοῦ πρακτορείου, ἡ συζήτησις ἐπὶ τοῦ θέματος συνεχίζεται. Αἱ ἁρμόδιαι ἀρχαὶ ἀνεκοίνωσαν ὅτι αἱ ἀνακρίσεις ἐξακολουθοῦν καὶ ὅτι θὰ ἀκολουθήσουν νεώτεραι ἀνακοινώσεις ἐντὸς τῶν προσεχῶν ἡμερῶν.

ΤΕΣΣΑΡΕΣ ΒΟΜΒΑΙ ΕΞΕΡΡΑΓΗΣΑΝ ΕΙΣ ΑΡΓΕΝΤΙΝΗΝ ΧΘΕΣ

ΑΘΗΝΑΙ, 4. — Κατὰ πληροφορίας τοῦ πρακτορείου, ἡ συζήτησις ἐπὶ τοῦ θέματος συνεχίζεται. Αἱ ἁρμόδιαι ἀρχαὶ ἀνεκοίνωσαν ὅτι αἱ ἀνακρίσεις ἐξακολουθοῦν καὶ ὅτι θὰ ἀκολουθήσουν νεώτεραι ἀνακοινώσεις ἐντὸς τῶν προσεχῶν ἡμερῶν.

ΕΒΕΛΤΙΩΘΗ Η ΥΓΕΙΑ ΤΟΥ ΔΡΟΣ ΑΝΤΕΝΑΟΥΕΡ

ΑΘΗΝΑΙ, 4. — Κατὰ πληροφορίας τοῦ πρακτορείου, ἡ συζήτησις ἐπὶ τοῦ θέματος συνεχίζεται. Αἱ ἁρμόδιαι ἀρχαὶ ἀνεκοίνωσαν ὅτι αἱ ἀνακρίσεις ἐξακολουθοῦν καὶ ὅτι θὰ ἀκολουθήσουν νεώτεραι ἀνακοινώσεις ἐντὸς τῶν προσεχῶν ἡμερῶν.

ΚΑΛΛΙΤΕΧΝΙΚΟΝ ΓΕΓΟΝΟΣ ΔΙΑ ΤΗΝ ΘΕΣΣΑΛΟΝΙΚΗΝ Η ΕΜΦΑΝΙΣΙΣ ΤΗΣ ΟΡΧΗΣΤΡΑΣ ΤΗΣ ΝΕΑΣ ΥΟΡΚΗΣ
Ἡ φιλαρμονικὴ τῆς Νέας Ὑόρκης.

ΑΘΗΝΑΙ, 4. — Κατὰ πληροφορίας τοῦ πρακτορείου, ἡ συζήτησις ἐπὶ τοῦ θέματος συνεχίζεται. Αἱ ἁρμόδιαι ἀρχαὶ ἀνεκοίνωσαν ὅτι αἱ ἀνακρίσεις ἐξακολουθοῦν καὶ ὅτι θὰ ἀκολουθήσουν νεώτεραι ἀνακοινώσεις ἐντὸς τῶν προσεχῶν ἡμερῶν.

ΑΘΗΝΑΙ, 4. — Κατὰ πληροφορίας τοῦ πρακτορείου, ἡ συζήτησις ἐπὶ τοῦ θέματος συνεχίζεται. Αἱ ἁρμόδιαι ἀρχαὶ ἀνεκοίνωσαν ὅτι αἱ ἀνακρίσεις ἐξακολουθοῦν καὶ ὅτι θὰ ἀκολουθήσουν νεώτεραι ἀνακοινώσεις ἐντὸς τῶν προσεχῶν ἡμερῶν.

Μετὰ ἓν ἔτος
ΙΑΠΩΝ ΑΚΤΟΦΥΛΑΞ ΑΠΕΘΑΝΕΝ ΕΚΤΕΘΕΙΣ ΕΙΣ ΕΝΙΒΕΤΟΚ ΕΙΣ ΡΑΔΙΕΝΕΡΓΟΝ «ΒΡΟΧΗΝ»
Ἀναμένεται ἡ δημιουργία
σοβαροῦ πολιτικοῦ θέματος

ΑΘΗΝΑΙ, 4. — Κατὰ πληροφορίας τοῦ πρακτορείου, ἡ συζήτησις ἐπὶ τοῦ θέματος συνεχίζεται. Αἱ ἁρμόδιαι ἀρχαὶ ἀνεκοίνωσαν ὅτι αἱ ἀνακρίσεις ἐξακολουθοῦν καὶ ὅτι θὰ ἀκολουθήσουν νεώτεραι ἀνακοινώσεις ἐντὸς τῶν προσεχῶν ἡμερῶν.

ΑΘΗΝΑΙ, 4. — Κατὰ πληροφορίας τοῦ πρακτορείου, ἡ συζήτησις ἐπὶ τοῦ θέματος συνεχίζεται. Αἱ ἁρμόδιαι ἀρχαὶ ἀνεκοίνωσαν ὅτι αἱ ἀνακρίσεις ἐξακολουθοῦν καὶ ὅτι θὰ ἀκολουθήσουν νεώτεραι ἀνακοινώσεις ἐντὸς τῶν προσεχῶν ἡμερῶν.

ΑΘΗΝΑΙ, 4. — Κατὰ πληροφορίας τοῦ πρακτορείου, ἡ συζήτησις ἐπὶ τοῦ θέματος συνεχίζεται. Αἱ ἁρμόδιαι ἀρχαὶ ἀνεκοίνωσαν ὅτι αἱ ἀνακρίσεις ἐξακολουθοῦν καὶ ὅτι θὰ ἀκολουθήσουν νεώτεραι ἀνακοινώσεις ἐντὸς τῶν προσεχῶν ἡμερῶν.

ΑΘΗΝΑΙ, 4. — Κατὰ πληροφορίας τοῦ πρακτορείου, ἡ συζήτησις ἐπὶ τοῦ θέματος συνεχίζεται. Αἱ ἁρμόδιαι ἀρχαὶ ἀνεκοίνωσαν ὅτι αἱ ἀνακρίσεις ἐξακολουθοῦν καὶ ὅτι θὰ ἀκολουθήσουν νεώτεραι ἀνακοινώσεις ἐντὸς τῶν προσεχῶν ἡμερῶν.

Ἀγρία συμπλοκὴ ἐπὶ μιᾶς λέμβου
ΤΕΣΣΑΡΕΣ ΑΛΙΕΙΣ ΕΙΣ ΠΑΛΗΟΜΑΝΟΑΝ ΕΤΡΑΥΜΑΤΙΣΑΝ ΣΥΝΑΔΕΛΦΟΝ ΤΩΝ ΚΑΙ ΤΟΝ ΕΡΡΙΨΑΝ ΕΙΣ ΤΗΝ ΘΑΛΑΣΣΑΝ
Τὸ θῦμα διεσώθη ὑπὸ ἄλλων ἁλιέων
ἐνῶ οἱ δράσται ἐτράπησαν εἰς φυγήν

ΑΘΗΝΑΙ, 4. — Κατὰ πληροφορίας τοῦ πρακτορείου, ἡ συζήτησις ἐπὶ τοῦ θέματος συνεχίζεται. Αἱ ἁρμόδιαι ἀρχαὶ ἀνεκοίνωσαν ὅτι αἱ ἀνακρίσεις ἐξακολουθοῦν καὶ ὅτι θὰ ἀκολουθήσουν νεώτεραι ἀνακοινώσεις ἐντὸς τῶν προσεχῶν ἡμερῶν.

ΑΘΗΝΑΙ, 4. — Κατὰ πληροφορίας τοῦ πρακτορείου, ἡ συζήτησις ἐπὶ τοῦ θέματος συνεχίζεται. Αἱ ἁρμόδιαι ἀρχαὶ ἀνεκοίνωσαν ὅτι αἱ ἀνακρίσεις ἐξακολουθοῦν καὶ ὅτι θὰ ἀκολουθήσουν νεώτεραι ἀνακοινώσεις ἐντὸς τῶν προσεχῶν ἡμερῶν.

ΑΘΗΝΑΙ, 4. — Κατὰ πληροφορίας τοῦ πρακτορείου, ἡ συζήτησις ἐπὶ τοῦ θέματος συνεχίζεται. Αἱ ἁρμόδιαι ἀρχαὶ ἀνεκοίνωσαν ὅτι αἱ ἀνακρίσεις ἐξακολουθοῦν καὶ ὅτι θὰ ἀκολουθήσουν νεώτεραι ἀνακοινώσεις ἐντὸς τῶν προσεχῶν ἡμερῶν.

ΑΘΗΝΑΙ, 4. — Κατὰ πληροφορίας τοῦ πρακτορείου, ἡ συζήτησις ἐπὶ τοῦ θέματος συνεχίζεται. Αἱ ἁρμόδιαι ἀρχαὶ ἀνεκοίνωσαν ὅτι αἱ ἀνακρίσεις ἐξακολουθοῦν καὶ ὅτι θὰ ἀκολουθήσουν νεώτεραι ἀνακοινώσεις ἐντὸς τῶν προσεχῶν ἡμερῶν.

Νεαρὸς Ἀμερικανὸς
ΕΔΟΛΟΦΟΝΗΣΕ ΤΗΝ ΚΑΘΑΡΙΣΤΡΙΑΝ ΔΙΟΤΙ ΕΠΗΛΘΕΝ ΕΙΣ ΤΟ ΣΠΙΤΙ ΤΟΥ ΚΑΙ ΗΘΕΛΕ ΧΡΗΜΑΤΑ ΝΑ ΤΑΞΙΔΕΨΗ
Ἀλλ' εὗρε μόνον 10 σέντς εἰς τὸ φλυτζάνι τοῦ καφέ

ΑΘΗΝΑΙ, 4. — Κατὰ πληροφορίας τοῦ πρακτορείου, ἡ συζήτησις ἐπὶ τοῦ θέματος συνεχίζεται. Αἱ ἁρμόδιαι ἀρχαὶ ἀνεκοίνωσαν ὅτι αἱ ἀνακρίσεις ἐξακολουθοῦν καὶ ὅτι θὰ ἀκολουθήσουν νεώτεραι ἀνακοινώσεις ἐντὸς τῶν προσεχῶν ἡμερῶν.

ΑΘΗΝΑΙ, 4. — Κατὰ πληροφορίας τοῦ πρακτορείου, ἡ συζήτησις ἐπὶ τοῦ θέματος συνεχίζεται. Αἱ ἁρμόδιαι ἀρχαὶ ἀνεκοίνωσαν ὅτι αἱ ἀνακρίσεις ἐξακολουθοῦν καὶ ὅτι θὰ ἀκολουθήσουν νεώτεραι ἀνακοινώσεις ἐντὸς τῶν προσεχῶν ἡμερῶν.

ΑΘΗΝΑΙ, 4. — Κατὰ πληροφορίας τοῦ πρακτορείου, ἡ συζήτησις ἐπὶ τοῦ θέματος συνεχίζεται. Αἱ ἁρμόδιαι ἀρχαὶ ἀνεκοίνωσαν ὅτι αἱ ἀνακρίσεις ἐξακολουθοῦν καὶ ὅτι θὰ ἀκολουθήσουν νεώτεραι ἀνακοινώσεις ἐντὸς τῶν προσεχῶν ἡμερῶν.

ΚΙΝΕΖΟΙ ΚΑΙ ΡΩΣΣΟΙ ΚΟΜΜΟΥΝΙΣΤΑΙ ΣΥΓΚΡΟΥΟΝΤΑΙ ΕΙΣ ΤΟ ΙΡΑΚ ΠΡΟΣ ΑΠΟΚΤΗΣΙΝ ΤΗΣ ΗΓΕΣΙΑΣ ΤΟΥ ΚΚ

ΑΘΗΝΑΙ, 4. — Κατὰ πληροφορίας τοῦ πρακτορείου, ἡ συζήτησις ἐπὶ τοῦ θέματος συνεχίζεται. Αἱ ἁρμόδιαι ἀρχαὶ ἀνεκοίνωσαν ὅτι αἱ ἀνακρίσεις ἐξακολουθοῦν καὶ ὅτι θὰ ἀκολουθήσουν νεώτεραι ἀνακοινώσεις ἐντὸς τῶν προσεχῶν ἡμερῶν.

ΑΝΤΙΚΑΤΕΣΤΑΘΗ

ΑΘΗΝΑΙ, 4. — Κατὰ πληροφορίας τοῦ πρακτορείου, ἡ συζήτησις ἐπὶ τοῦ θέματος συνεχίζεται. Αἱ ἁρμόδιαι ἀρχαὶ ἀνεκοίνωσαν ὅτι αἱ ἀνακρίσεις ἐξακολουθοῦν καὶ ὅτι θὰ ἀκολουθήσουν νεώτεραι ἀνακοινώσεις ἐντὸς τῶν προσεχῶν ἡμερῶν.

ΑΘΗΝΑΙ, 4. — Κατὰ πληροφορίας τοῦ πρακτορείου, ἡ συζήτησις ἐπὶ τοῦ θέματος συνεχίζεται. Αἱ ἁρμόδιαι ἀρχαὶ ἀνεκοίνωσαν ὅτι αἱ ἀνακρίσεις ἐξακολουθοῦν καὶ ὅτι θὰ ἀκολουθήσουν νεώτεραι ἀνακοινώσεις ἐντὸς τῶν προσεχῶν ἡμερῶν.

ΤΕΛΟΣ ΑΥΓΟΥΣΤΟΥ ΦΘΑΝΕΙ ΕΙΣ ΑΘΗΝΑΣ Ο κ. ΕΡΧΑΡΤ
ΘΑ ΣΥΖΗΤΗΘΗ Η ΟΙΚΟΝΟΜΙΚΗ ΑΝΑΠΤΥΞΙΣ ΤΗΣ ΧΩΡΑΣ

ΑΘΗΝΑΙ, 4. — Κατὰ πληροφορίας τοῦ πρακτορείου, ἡ συζήτησις ἐπὶ τοῦ θέματος συνεχίζεται. Αἱ ἁρμόδιαι ἀρχαὶ ἀνεκοίνωσαν ὅτι αἱ ἀνακρίσεις ἐξακολουθοῦν καὶ ὅτι θὰ ἀκολουθήσουν νεώτεραι ἀνακοινώσεις ἐντὸς τῶν προσεχῶν ἡμερῶν.

ΑΘΗΝΑΙ, 4. — Κατὰ πληροφορίας τοῦ πρακτορείου, ἡ συζήτησις ἐπὶ τοῦ θέματος συνεχίζεται. Αἱ ἁρμόδιαι ἀρχαὶ ἀνεκοίνωσαν ὅτι αἱ ἀνακρίσεις ἐξακολουθοῦν καὶ ὅτι θὰ ἀκολουθήσουν νεώτεραι ἀνακοινώσεις ἐντὸς τῶν προσεχῶν ἡμερῶν.

Κατὰ τὸν Ἄλλεν Ντάλλες
Η ΡΩΣΣΙΑ ΘΑ ΧΡΗΣΙΜΟΠΟΙΗΣΗ ΤΟΝ ΠΥΡΗΝΙΚΟΝ ΕΚΒΙΑΣΜΟΝ ΩΣ ΟΠΛΟΝ ΚΑΤΑ ΤΗΣ ΔΥΣΕΩΣ
Ἐὰν ἡ Ἀμερικὴ ἤθελε μειώσῃ
τὴν προσπάθειαν ἐξοπλισμοῦ

ΑΘΗΝΑΙ, 4. — Κατὰ πληροφορίας τοῦ πρακτορείου, ἡ συζήτησις ἐπὶ τοῦ θέματος συνεχίζεται. Αἱ ἁρμόδιαι ἀρχαὶ ἀνεκοίνωσαν ὅτι αἱ ἀνακρίσεις ἐξακολουθοῦν καὶ ὅτι θὰ ἀκολουθήσουν νεώτεραι ἀνακοινώσεις ἐντὸς τῶν προσεχῶν ἡμερῶν.

ΑΘΗΝΑΙ, 4. — Κατὰ πληροφορίας τοῦ πρακτορείου, ἡ συζήτησις ἐπὶ τοῦ θέματος συνεχίζεται. Αἱ ἁρμόδιαι ἀρχαὶ ἀνεκοίνωσαν ὅτι αἱ ἀνακρίσεις ἐξακολουθοῦν καὶ ὅτι θὰ ἀκολουθήσουν νεώτεραι ἀνακοινώσεις ἐντὸς τῶν προσεχῶν ἡμερῶν.

ΑΘΗΝΑΙ, 4. — Κατὰ πληροφορίας τοῦ πρακτορείου, ἡ συζήτησις ἐπὶ τοῦ θέματος συνεχίζεται. Αἱ ἁρμόδιαι ἀρχαὶ ἀνεκοίνωσαν ὅτι αἱ ἀνακρίσεις ἐξακολουθοῦν καὶ ὅτι θὰ ἀκολουθήσουν νεώτεραι ἀνακοινώσεις ἐντὸς τῶν προσεχῶν ἡμερῶν.

ΑΘΗΝΑΙ, 4. — Κατὰ πληροφορίας τοῦ πρακτορείου, ἡ συζήτησις ἐπὶ τοῦ θέματος συνεχίζεται. Αἱ ἁρμόδιαι ἀρχαὶ ἀνεκοίνωσαν ὅτι αἱ ἀνακρίσεις ἐξακολουθοῦν καὶ ὅτι θὰ ἀκολουθήσουν νεώτεραι ἀνακοινώσεις ἐντὸς τῶν προσεχῶν ἡμερῶν.

ΑΘΗΝΑΙ, 4. — Κατὰ πληροφορίας τοῦ πρακτορείου, ἡ συζήτησις ἐπὶ τοῦ θέματος συνεχίζεται. Αἱ ἁρμόδιαι ἀρχαὶ ἀνεκοίνωσαν ὅτι αἱ ἀνακρίσεις ἐξακολουθοῦν καὶ ὅτι θὰ ἀκολουθήσουν νεώτεραι ἀνακοινώσεις ἐντὸς τῶν προσεχῶν ἡμερῶν.

Κατὰ τὸν δρα Πώλιγκ
ΥΠΑΡΧΟΥΝ ΑΡΚΕΤΑΙ ΠΥΡΗΝΙΚΑΙ ΥΠΕΡΒΟΜΒΑΙ ΔΙΑ ΝΑ ΦΟΝΕΥΣΟΥΝ ΤΟΥΣ ΚΑΤΟΙΚΟΥΣ ΤΗΣ ΓΗΣ
Αἱ Ἡν. Πολιτεῖαι μόνον ἔχουν
τέσσαρας χιλιάδας ἐξ αὐτῶν

ΑΘΗΝΑΙ, 4. — Κατὰ πληροφορίας τοῦ πρακτορείου, ἡ συζήτησις ἐπὶ τοῦ θέματος συνεχίζεται. Αἱ ἁρμόδιαι ἀρχαὶ ἀνεκοίνωσαν ὅτι αἱ ἀνακρίσεις ἐξακολουθοῦν καὶ ὅτι θὰ ἀκολουθήσουν νεώτεραι ἀνακοινώσεις ἐντὸς τῶν προσεχῶν ἡμερῶν.

ΑΘΗΝΑΙ, 4. — Κατὰ πληροφορίας τοῦ πρακτορείου, ἡ συζήτησις ἐπὶ τοῦ θέματος συνεχίζεται. Αἱ ἁρμόδιαι ἀρχαὶ ἀνεκοίνωσαν ὅτι αἱ ἀνακρίσεις ἐξακολουθοῦν καὶ ὅτι θὰ ἀκολουθήσουν νεώτεραι ἀνακοινώσεις ἐντὸς τῶν προσεχῶν ἡμερῶν.

ΑΘΗΝΑΙ, 4. — Κατὰ πληροφορίας τοῦ πρακτορείου, ἡ συζήτησις ἐπὶ τοῦ θέματος συνεχίζεται. Αἱ ἁρμόδιαι ἀρχαὶ ἀνεκοίνωσαν ὅτι αἱ ἀνακρίσεις ἐξακολουθοῦν καὶ ὅτι θὰ ἀκολουθήσουν νεώτεραι ἀνακοινώσεις ἐντὸς τῶν προσεχῶν ἡμερῶν.

ΑΘΗΝΑΙ, 4. — Κατὰ πληροφορίας τοῦ πρακτορείου, ἡ συζήτησις ἐπὶ τοῦ θέματος συνεχίζεται. Αἱ ἁρμόδιαι ἀρχαὶ ἀνεκοίνωσαν ὅτι αἱ ἀνακρίσεις ἐξακολουθοῦν καὶ ὅτι θὰ ἀκολουθήσουν νεώτεραι ἀνακοινώσεις ἐντὸς τῶν προσεχῶν ἡμερῶν.

ΑΘΗΝΑΙ, 4. — Κατὰ πληροφορίας τοῦ πρακτορείου, ἡ συζήτησις ἐπὶ τοῦ θέματος συνεχίζεται. Αἱ ἁρμόδιαι ἀρχαὶ ἀνεκοίνωσαν ὅτι αἱ ἀνακρίσεις ἐξακολουθοῦν καὶ ὅτι θὰ ἀκολουθήσουν νεώτεραι ἀνακοινώσεις ἐντὸς τῶν προσεχῶν ἡμερῶν.

ΤΕΡΜΑΤΙΖΕΤΑΙ Η ΣΥΝΔΙΑΣΚΕΨΙΣ ΤΗΣ ΓΕΝΕΥΗΣ
ΘΕΤΙΚΟΝ ΑΠΟΤΕΛΕΣΜΑ ΔΕΝ ΕΠΕΤΕΥΧΘΗ ΑΛΛ' Η ΣΟΒΙΕΤΙΚΗ ΑΠΕΙΛΗ ΑΠΕΜΑΚΡΥΝΘΗ

ΑΘΗΝΑΙ, 4. — Κατὰ πληροφορίας τοῦ πρακτορείου, ἡ συζήτησις ἐπὶ τοῦ θέματος συνεχίζεται. Αἱ ἁρμόδιαι ἀρχαὶ ἀνεκοίνωσαν ὅτι αἱ ἀνακρίσεις ἐξακολουθοῦν καὶ ὅτι θὰ ἀκολουθήσουν νεώτεραι ἀνακοινώσεις ἐντὸς τῶν προσεχῶν ἡμερῶν.

ΑΘΗΝΑΙ, 4. — Κατὰ πληροφορίας τοῦ πρακτορείου, ἡ συζήτησις ἐπὶ τοῦ θέματος συνεχίζεται. Αἱ ἁρμόδιαι ἀρχαὶ ἀνεκοίνωσαν ὅτι αἱ ἀνακρίσεις ἐξακολουθοῦν καὶ ὅτι θὰ ἀκολουθήσουν νεώτεραι ἀνακοινώσεις ἐντὸς τῶν προσεχῶν ἡμερῶν.

ΑΠΕΜΑΚΡΥΝΘΗ Η ΑΠΕΙΛΗ

ΑΘΗΝΑΙ, 4. — Κατὰ πληροφορίας τοῦ πρακτορείου, ἡ συζήτησις ἐπὶ τοῦ θέματος συνεχίζεται. Αἱ ἁρμόδιαι ἀρχαὶ ἀνεκοίνωσαν ὅτι αἱ ἀνακρίσεις ἐξακολουθοῦν καὶ ὅτι θὰ ἀκολουθήσουν νεώτεραι ἀνακοινώσεις ἐντὸς τῶν προσεχῶν ἡμερῶν.

ΑΘΗΝΑΙ, 4. — Κατὰ πληροφορίας τοῦ πρακτορείου, ἡ συζήτησις ἐπὶ τοῦ θέματος συνεχίζεται. Αἱ ἁρμόδιαι ἀρχαὶ ἀνεκοίνωσαν ὅτι αἱ ἀνακρίσεις ἐξακολουθοῦν καὶ ὅτι θὰ ἀκολουθήσουν νεώτεραι ἀνακοινώσεις ἐντὸς τῶν προσεχῶν ἡμερῶν.

ΑΘΗΝΑΙ, 4. — Κατὰ πληροφορίας τοῦ πρακτορείου, ἡ συζήτησις ἐπὶ τοῦ θέματος συνεχίζεται. Αἱ ἁρμόδιαι ἀρχαὶ ἀνεκοίνωσαν ὅτι αἱ ἀνακρίσεις ἐξακολουθοῦν καὶ ὅτι θὰ ἀκολουθήσουν νεώτεραι ἀνακοινώσεις ἐντὸς τῶν προσεχῶν ἡμερῶν.

ΤΖΩΝ ΧΑΙ-ΤΟΥΕΡ
ΑΝΑΧΩΡΕΙ Ο κ. ΧΕΡΤΕΡ

ΑΘΗΝΑΙ, 4. — Κατὰ πληροφορίας τοῦ πρακτορείου, ἡ συζήτησις ἐπὶ τοῦ θέματος συνεχίζεται. Αἱ ἁρμόδιαι ἀρχαὶ ἀνεκοίνωσαν ὅτι αἱ ἀνακρίσεις ἐξακολουθοῦν καὶ ὅτι θὰ ἀκολουθήσουν νεώτεραι ἀνακοινώσεις ἐντὸς τῶν προσεχῶν ἡμερῶν.

ΤΟ ΣΥΜΒΟΥΛΙΟΝ ΤΟΥ ΝΑΤΟ

ΑΘΗΝΑΙ, 4. — Κατὰ πληροφορίας τοῦ πρακτορείου, ἡ συζήτησις ἐπὶ τοῦ θέματος συνεχίζεται. Αἱ ἁρμόδιαι ἀρχαὶ ἀνεκοίνωσαν ὅτι αἱ ἀνακρίσεις ἐξακολουθοῦν καὶ ὅτι θὰ ἀκολουθήσουν νεώτεραι ἀνακοινώσεις ἐντὸς τῶν προσεχῶν ἡμερῶν.

ΑΘΗΝΑΙ, 4. — Κατὰ πληροφορίας τοῦ πρακτορείου, ἡ συζήτησις ἐπὶ τοῦ θέματος συνεχίζεται. Αἱ ἁρμόδιαι ἀρχαὶ ἀνεκοίνωσαν ὅτι αἱ ἀνακρίσεις ἐξακολουθοῦν καὶ ὅτι θὰ ἀκολουθήσουν νεώτεραι ἀνακοινώσεις ἐντὸς τῶν προσεχῶν ἡμερῶν.

ΕΙΣ ΧΩΡΙΟΝ ΤΗΣ ΤΡΙΠΟΛΕΩΣ
ΑΓΝΩΣΤΟΣ ΕΠΝΙΞΕ ΝΕΑΡΑΝ ΧΩΡΙΚΗΝ ΕΝΤΟΣ ΔΕΞΑΜΕΝΗΣ ΑΦΟΥ ΤΗΝ ΕΒΙΑΣΕ
ΣΥΝΕΛΗΦΘΗ ΕΙΣ ΥΠΟΠΤΟΣ

ΑΘΗΝΑΙ, 4. — Κατὰ πληροφορίας τοῦ πρακτορείου, ἡ συζήτησις ἐπὶ τοῦ θέματος συνεχίζεται. Αἱ ἁρμόδιαι ἀρχαὶ ἀνεκοίνωσαν ὅτι αἱ ἀνακρίσεις ἐξακολουθοῦν καὶ ὅτι θὰ ἀκολουθήσουν νεώτεραι ἀνακοινώσεις ἐντὸς τῶν προσεχῶν ἡμερῶν.

ΑΘΗΝΑΙ, 4. — Κατὰ πληροφορίας τοῦ πρακτορείου, ἡ συζήτησις ἐπὶ τοῦ θέματος συνεχίζεται. Αἱ ἁρμόδιαι ἀρχαὶ ἀνεκοίνωσαν ὅτι αἱ ἀνακρίσεις ἐξακολουθοῦν καὶ ὅτι θὰ ἀκολουθήσουν νεώτεραι ἀνακοινώσεις ἐντὸς τῶν προσεχῶν ἡμερῶν.

ΕΓΝΩΣΤΟΠΟΙΟΥΝΤΟ ΤΑ ΘΕΜΑΤΑ ΤΩΝ ΔΙΑΓΩΝΙΣΜΩΝ ΤΗΣ ΤΗΛΕΟΡΑΣΕΩΣ
ΘΑ ΓΙΝΟΥΝ ΑΝΑΚΡΙΣΕΙΣ

ΑΘΗΝΑΙ, 4. — Κατὰ πληροφορίας τοῦ πρακτορείου, ἡ συζήτησις ἐπὶ τοῦ θέματος συνεχίζεται. Αἱ ἁρμόδιαι ἀρχαὶ ἀνεκοίνωσαν ὅτι αἱ ἀνακρίσεις ἐξακολουθοῦν καὶ ὅτι θὰ ἀκολουθήσουν νεώτεραι ἀνακοινώσεις ἐντὸς τῶν προσεχῶν ἡμερῶν.

ΑΘΗΝΑΙ, 4. — Κατὰ πληροφορίας τοῦ πρακτορείου, ἡ συζήτησις ἐπὶ τοῦ θέματος συνεχίζεται. Αἱ ἁρμόδιαι ἀρχαὶ ἀνεκοίνωσαν ὅτι αἱ ἀνακρίσεις ἐξακολουθοῦν καὶ ὅτι θὰ ἀκολουθήσουν νεώτεραι ἀνακοινώσεις ἐντὸς τῶν προσεχῶν ἡμερῶν.

ΦΥΣΙΚΟΝ ΑΕΡΙΟΝ ΕΙΣ ΤΗΝ ΣΑΧΑΡΑΣ
ΘΑ ΔΙΟΧΕΤΕΥΤΗ ΔΙΑ ΕΙΔΙΚΟΥ ΑΓΩΓΟΥ

ΑΘΗΝΑΙ, 4. — Κατὰ πληροφορίας τοῦ πρακτορείου, ἡ συζήτησις ἐπὶ τοῦ θέματος συνεχίζεται. Αἱ ἁρμόδιαι ἀρχαὶ ἀνεκοίνωσαν ὅτι αἱ ἀνακρίσεις ἐξακολουθοῦν καὶ ὅτι θὰ ἀκολουθήσουν νεώτεραι ἀνακοινώσεις ἐντὸς τῶν προσεχῶν ἡμερῶν.

ΑΘΗΝΑΙ, 4. — Κατὰ πληροφορίας τοῦ πρακτορείου, ἡ συζήτησις ἐπὶ τοῦ θέματος συνεχίζεται. Αἱ ἁρμόδιαι ἀρχαὶ ἀνεκοίνωσαν ὅτι αἱ ἀνακρίσεις ἐξακολουθοῦν καὶ ὅτι θὰ ἀκολουθήσουν νεώτεραι ἀνακοινώσεις ἐντὸς τῶν προσεχῶν ἡμερῶν.

ΔΙΑ ΝΕΟΥ ΓΙΓΑΝΤΙΑΙΟΥ ΡΑΔΙΟΤΗΛΕΣΚΟΠΙΟΥ ΘΑ ΕΞΑΚΡΙΒΩΘΗ ΤΟ ΠΑΧΟΣ ΤΗΣ ΚΟΝΕΩΣ ΤΗΣ ΣΕΛΗΝΗΣ

ΑΘΗΝΑΙ, 4. — Κατὰ πληροφορίας τοῦ πρακτορείου, ἡ συζήτησις ἐπὶ τοῦ θέματος συνεχίζεται. Αἱ ἁρμόδιαι ἀρχαὶ ἀνεκοίνωσαν ὅτι αἱ ἀνακρίσεις ἐξακολουθοῦν καὶ ὅτι θὰ ἀκολουθήσουν νεώτεραι ἀνακοινώσεις ἐντὸς τῶν προσεχῶν ἡμερῶν.

ΑΘΗΝΑΙ, 4. — Κατὰ πληροφορίας τοῦ πρακτορείου, ἡ συζήτησις ἐπὶ τοῦ θέματος συνεχίζεται. Αἱ ἁρμόδιαι ἀρχαὶ ἀνεκοίνωσαν ὅτι αἱ ἀνακρίσεις ἐξακολουθοῦν καὶ ὅτι θὰ ἀκολουθήσουν νεώτεραι ἀνακοινώσεις ἐντὸς τῶν προσεχῶν ἡμερῶν.

ΓΕΝΙΚΗ ΑΠΕΡΓΙΑ ΕΡΓΑΤΩΝ ΟΙΚΟΔΟΜΩΝ ΘΑ ΚΗΡΥΧΘΗ ΕΙΣ ΚΟΡΕΑΝ

ΑΘΗΝΑΙ, 4. — Κατὰ πληροφορίας τοῦ πρακτορείου, ἡ συζήτησις ἐπὶ τοῦ θέματος συνεχίζεται. Αἱ ἁρμόδιαι ἀρχαὶ ἀνεκοίνωσαν ὅτι αἱ ἀνακρίσεις ἐξακολουθοῦν καὶ ὅτι θὰ ἀκολουθήσουν νεώτεραι ἀνακοινώσεις ἐντὸς τῶν προσεχῶν ἡμερῶν.

ΑΘΗΝΑΙ, 4. — Κατὰ πληροφορίας τοῦ πρακτορείου, ἡ συζήτησις ἐπὶ τοῦ θέματος συνεχίζεται. Αἱ ἁρμόδιαι ἀρχαὶ ἀνεκοίνωσαν ὅτι αἱ ἀνακρίσεις ἐξακολουθοῦν καὶ ὅτι θὰ ἀκολουθήσουν νεώτεραι ἀνακοινώσεις ἐντὸς τῶν προσεχῶν ἡμερῶν.

ΕΞΑΚΟΛΟΥΘΕΙ ΝΑ ΜΕΙΟΥΤΑΙ ΤΟ ΕΙΣ ΧΡΥΣΟΝ ΑΠΟΘΕΜΑ ΤΩΝ ΗΝΩΜΕΝΩΝ ΠΟΛΙΤΕΙΩΝ

ΑΘΗΝΑΙ, 4. — Κατὰ πληροφορίας τοῦ πρακτορείου, ἡ συζήτησις ἐπὶ τοῦ θέματος συνεχίζεται. Αἱ ἁρμόδιαι ἀρχαὶ ἀνεκοίνωσαν ὅτι αἱ ἀνακρίσεις ἐξακολουθοῦν καὶ ὅτι θὰ ἀκολουθήσουν νεώτεραι ἀνακοινώσεις ἐντὸς τῶν προσεχῶν ἡμερῶν.

ΑΘΗΝΑΙ, 4. — Κατὰ πληροφορίας τοῦ πρακτορείου, ἡ συζήτησις ἐπὶ τοῦ θέματος συνεχίζεται. Αἱ ἁρμόδιαι ἀρχαὶ ἀνεκοίνωσαν ὅτι αἱ ἀνακρίσεις ἐξακολουθοῦν καὶ ὅτι θὰ ἀκολουθήσουν νεώτεραι ἀνακοινώσεις ἐντὸς τῶν προσεχῶν ἡμερῶν.

ΗΥΞΗΘΗΣΑΝ ΚΑΤΑ 3.000.000 ΔΟΛΛΑΡΙΩΝ ΑΙ ΕΞΑΓΩΓΑΙ ΜΑΣ

ΑΘΗΝΑΙ, 4. — Κατὰ πληροφορίας τοῦ πρακτορείου, ἡ συζήτησις ἐπὶ τοῦ θέματος συνεχίζεται. Αἱ ἁρμόδιαι ἀρχαὶ ἀνεκοίνωσαν ὅτι αἱ ἀνακρίσεις ἐξακολουθοῦν καὶ ὅτι θὰ ἀκολουθήσουν νεώτεραι ἀνακοινώσεις ἐντὸς τῶν προσεχῶν ἡμερῶν.

ΤΟ ΠΡΩΤΟΝ ΕΡΓΟΣΤΑΣΙΟΝ ΑΤΟΜΙΚΗΣ ΕΝΕΡΓΕΙΑΣ ΕΙΣ ΤΑΣ ΙΝΔΙΑΣ

ΑΘΗΝΑΙ, 4. — Κατὰ πληροφορίας τοῦ πρακτορείου, ἡ συζήτησις ἐπὶ τοῦ θέματος συνεχίζεται. Αἱ ἁρμόδιαι ἀρχαὶ ἀνεκοίνωσαν ὅτι αἱ ἀνακρίσεις ἐξακολουθοῦν καὶ ὅτι θὰ ἀκολουθήσουν νεώτεραι ἀνακοινώσεις ἐντὸς τῶν προσεχῶν ἡμερῶν.

ΥΠΟΥΡΓΟΣ ΥΠΕΣΤΗ ΕΓΧΕΙΡΗΣΙΝ ΕΙΣ ΤΗΝ ΚΑΡΔΙΑΝ

ΑΘΗΝΑΙ, 4. — Κατὰ πληροφορίας τοῦ πρακτορείου, ἡ συζήτησις ἐπὶ τοῦ θέματος συνεχίζεται. Αἱ ἁρμόδιαι ἀρχαὶ ἀνεκοίνωσαν ὅτι αἱ ἀνακρίσεις ἐξακολουθοῦν καὶ ὅτι θὰ ἀκολουθήσουν νεώτεραι ἀνακοινώσεις ἐντὸς τῶν προσεχῶν ἡμερῶν.

ΕΚΤΟΠΙΖΕΤΑΙ ΕΚ ΧΑΝΙΩΝ ΔΗΜΟΤΙΚΟΣ ΣΥΜΒΟΥΛΟΣ

ΑΘΗΝΑΙ, 4. — Κατὰ πληροφορίας τοῦ πρακτορείου, ἡ συζήτησις ἐπὶ τοῦ θέματος συνεχίζεται. Αἱ ἁρμόδιαι ἀρχαὶ ἀνεκοίνωσαν ὅτι αἱ ἀνακρίσεις ἐξακολουθοῦν καὶ ὅτι θὰ ἀκολουθήσουν νεώτεραι ἀνακοινώσεις ἐντὸς τῶν προσεχῶν ἡμερῶν.

ΜΕΓΑΛΑΙ ΠΥΡΚΑΙΑΙ ΔΑΣΩΝ ΕΙΣ ΤΗΝ ΚΑΛΙΦΟΡΝΙΑΝ

ΑΘΗΝΑΙ, 4. — Κατὰ πληροφορίας τοῦ πρακτορείου, ἡ συζήτησις ἐπὶ τοῦ θέματος συνεχίζεται. Αἱ ἁρμόδιαι ἀρχαὶ ἀνεκοίνωσαν ὅτι αἱ ἀνακρίσεις ἐξακολουθοῦν καὶ ὅτι θὰ ἀκολουθήσουν νεώτεραι ἀνακοινώσεις ἐντὸς τῶν προσεχῶν ἡμερῶν.

ΑΠΟΨΕ Ο κ. ΑΪΖΕΝΧΑΟΥΕΡ ΘΑ ΔΩΣΗ ΣΥΝΕΝΤΕΥΞΙΝ

ΑΘΗΝΑΙ, 4. — Κατὰ πληροφορίας τοῦ πρακτορείου, ἡ συζήτησις ἐπὶ τοῦ θέματος συνεχίζεται. Αἱ ἁρμόδιαι ἀρχαὶ ἀνεκοίνωσαν ὅτι αἱ ἀνακρίσεις ἐξακολουθοῦν καὶ ὅτι θὰ ἀκολουθήσουν νεώτεραι ἀνακοινώσεις ἐντὸς τῶν προσεχῶν ἡμερῶν.
